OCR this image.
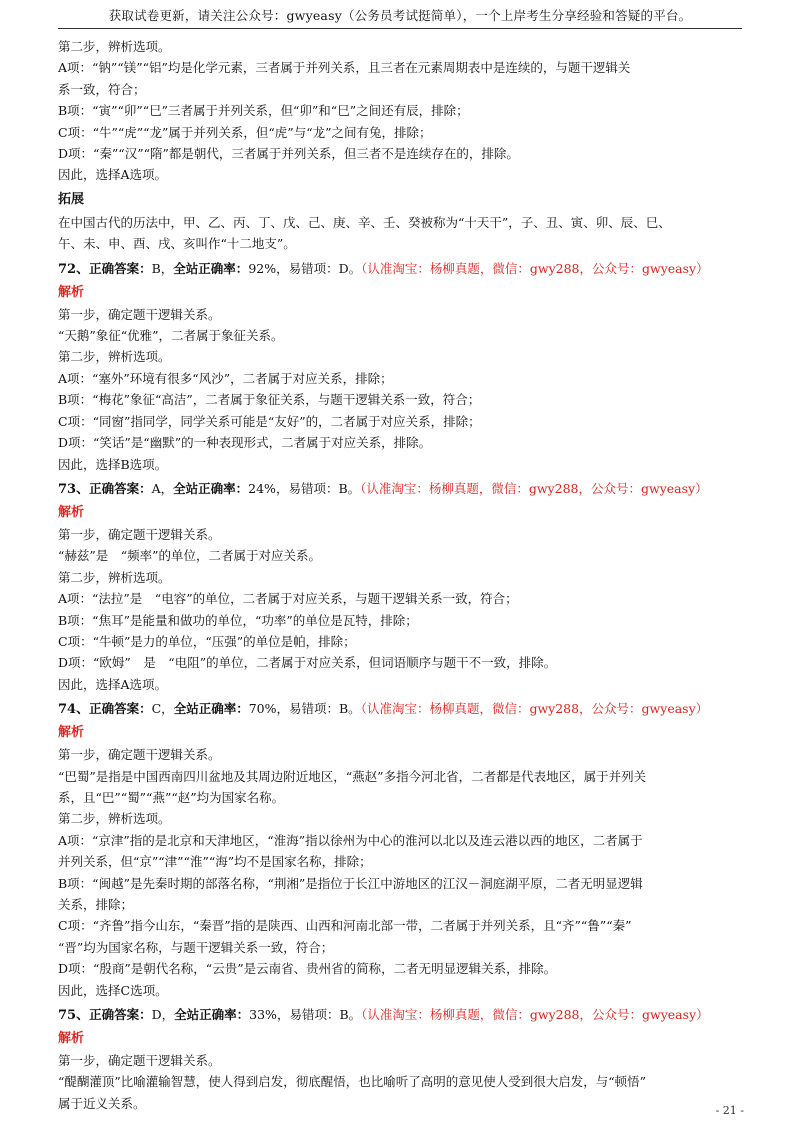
获取试卷更新，请关注公众号：gwyeasy（公务员考试挺简单），一个上岸考生分享经验和答疑的平台。
第二步，辨析选项。
A项：“钠”“镁”“铝”均是化学元素，三者属于并列关系，且三者在元素周期表中是连续的，与题干逻辑关
系一致，符合；
B项：“寅”“卯”“巳”三者属于并列关系，但“卯”和“巳”之间还有辰，排除；
C项：“牛”“虎”“龙”属于并列关系，但“虎”与“龙”之间有兔，排除；
D项：“秦”“汉”“隋”都是朝代，三者属于并列关系，但三者不是连续存在的，排除。
因此，选择A选项。
拓展
在中国古代的历法中，甲、乙、丙、丁、戊、己、庚、辛、壬、癸被称为“十天干”，子、丑、寅、卯、辰、巳、
午、未、申、酉、戌、亥叫作“十二地支”。
72、正确答案：B，全站正确率：92%，易错项：D。（认准淘宝：杨柳真题，微信：gwy288，公众号：gwyeasy）
解析
第一步，确定题干逻辑关系。
“天鹅”象征“优雅”，二者属于象征关系。
第二步，辨析选项。
A项：“塞外”环境有很多“风沙”，二者属于对应关系，排除；
B项：“梅花”象征“高洁”，二者属于象征关系，与题干逻辑关系一致，符合；
C项：“同窗”指同学，同学关系可能是“友好”的，二者属于对应关系，排除；
D项：“笑话”是“幽默”的一种表现形式，二者属于对应关系，排除。
因此，选择B选项。
73、正确答案：A，全站正确率：24%，易错项：B。（认准淘宝：杨柳真题，微信：gwy288，公众号：gwyeasy）
解析
第一步，确定题干逻辑关系。
“赫兹”是　“频率”的单位，二者属于对应关系。
第二步，辨析选项。
A项：“法拉”是　“电容”的单位，二者属于对应关系，与题干逻辑关系一致，符合；
B项：“焦耳”是能量和做功的单位，“功率”的单位是瓦特，排除；
C项：“牛顿”是力的单位，“压强”的单位是帕，排除；
D项：“欧姆”　是　“电阻”的单位，二者属于对应关系，但词语顺序与题干不一致，排除。
因此，选择A选项。
74、正确答案：C，全站正确率：70%，易错项：B。（认准淘宝：杨柳真题，微信：gwy288，公众号：gwyeasy）
解析
第一步，确定题干逻辑关系。
“巴蜀”是指是中国西南四川盆地及其周边附近地区，“燕赵”多指今河北省，二者都是代表地区，属于并列关
系，且“巴”“蜀”“燕”“赵”均为国家名称。
第二步，辨析选项。
A项：“京津”指的是北京和天津地区，“淮海”指以徐州为中心的淮河以北以及连云港以西的地区，二者属于
并列关系，但“京”“津”“淮”“海”均不是国家名称，排除；
B项：“闽越”是先秦时期的部落名称，“荆湘”是指位于长江中游地区的江汉－洞庭湖平原，二者无明显逻辑
关系，排除；
C项：“齐鲁”指今山东，“秦晋”指的是陕西、山西和河南北部一带，二者属于并列关系，且“齐”“鲁”“秦”
“晋”均为国家名称，与题干逻辑关系一致，符合；
D项：“殷商”是朝代名称，“云贵”是云南省、贵州省的简称，二者无明显逻辑关系，排除。
因此，选择C选项。
75、正确答案：D，全站正确率：33%，易错项：B。（认准淘宝：杨柳真题，微信：gwy288，公众号：gwyeasy）
解析
第一步，确定题干逻辑关系。
“醍醐灌顶”比喻灌输智慧，使人得到启发，彻底醒悟，也比喻听了高明的意见使人受到很大启发，与“顿悟”
属于近义关系。	- 21 -
